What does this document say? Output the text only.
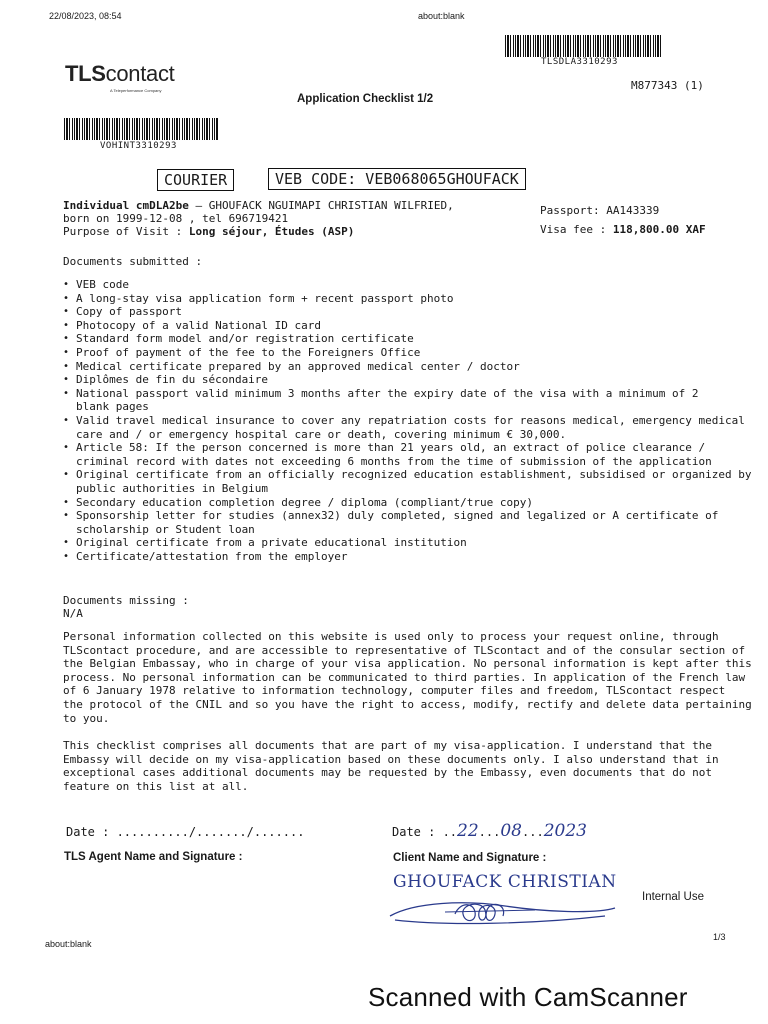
22/08/2023, 08:54	about:blank
TLSDLA3310293
M877343 (1)
TLScontact
A Teleperformance Company
Application Checklist 1/2
VOHINT3310293
COURIER	VEB CODE: VEB068065GHOUFACK
Individual cmDLA2be – GHOUFACK NGUIMAPI CHRISTIAN WILFRIED,
born on 1999-12-08 , tel 696719421
Purpose of Visit : Long séjour, Études (ASP)
Passport: AA143339
Visa fee : 118,800.00 XAF
Documents submitted :
• VEB code
• A long-stay visa application form + recent passport photo
• Copy of passport
• Photocopy of a valid National ID card
• Standard form model and/or registration certificate
• Proof of payment of the fee to the Foreigners Office
• Medical certificate prepared by an approved medical center / doctor
• Diplômes de fin du sécondaire
• National passport valid minimum 3 months after the expiry date of the visa with a minimum of 2
blank pages
• Valid travel medical insurance to cover any repatriation costs for reasons medical, emergency medical
care and / or emergency hospital care or death, covering minimum € 30,000.
• Article 58: If the person concerned is more than 21 years old, an extract of police clearance /
criminal record with dates not exceeding 6 months from the time of submission of the application
• Original certificate from an officially recognized education establishment, subsidised or organized by
public authorities in Belgium
• Secondary education completion degree / diploma (compliant/true copy)
• Sponsorship letter for studies (annex32) duly completed, signed and legalized or A certificate of
scholarship or Student loan
• Original certificate from a private educational institution
• Certificate/attestation from the employer
Documents missing :
N/A
Personal information collected on this website is used only to process your request online, through
TLScontact procedure, and are accessible to representative of TLScontact and of the consular section of
the Belgian Embassay, who in charge of your visa application. No personal information is kept after this
process. No personal information can be communicated to third parties. In application of the French law
of 6 January 1978 relative to information technology, computer files and freedom, TLScontact respect
the protocol of the CNIL and so you have the right to access, modify, rectify and delete data pertaining
to you.
This checklist comprises all documents that are part of my visa-application. I understand that the
Embassy will decide on my visa-application based on these documents only. I also understand that in
exceptional cases additional documents may be requested by the Embassy, even documents that do not
feature on this list at all.
Date : ........../......./.......
TLS Agent Name and Signature :
Date : ..22...08...2023
Client Name and Signature :
GHOUFACK CHRISTIAN
Internal Use
about:blank
1/3
Scanned with CamScanner
